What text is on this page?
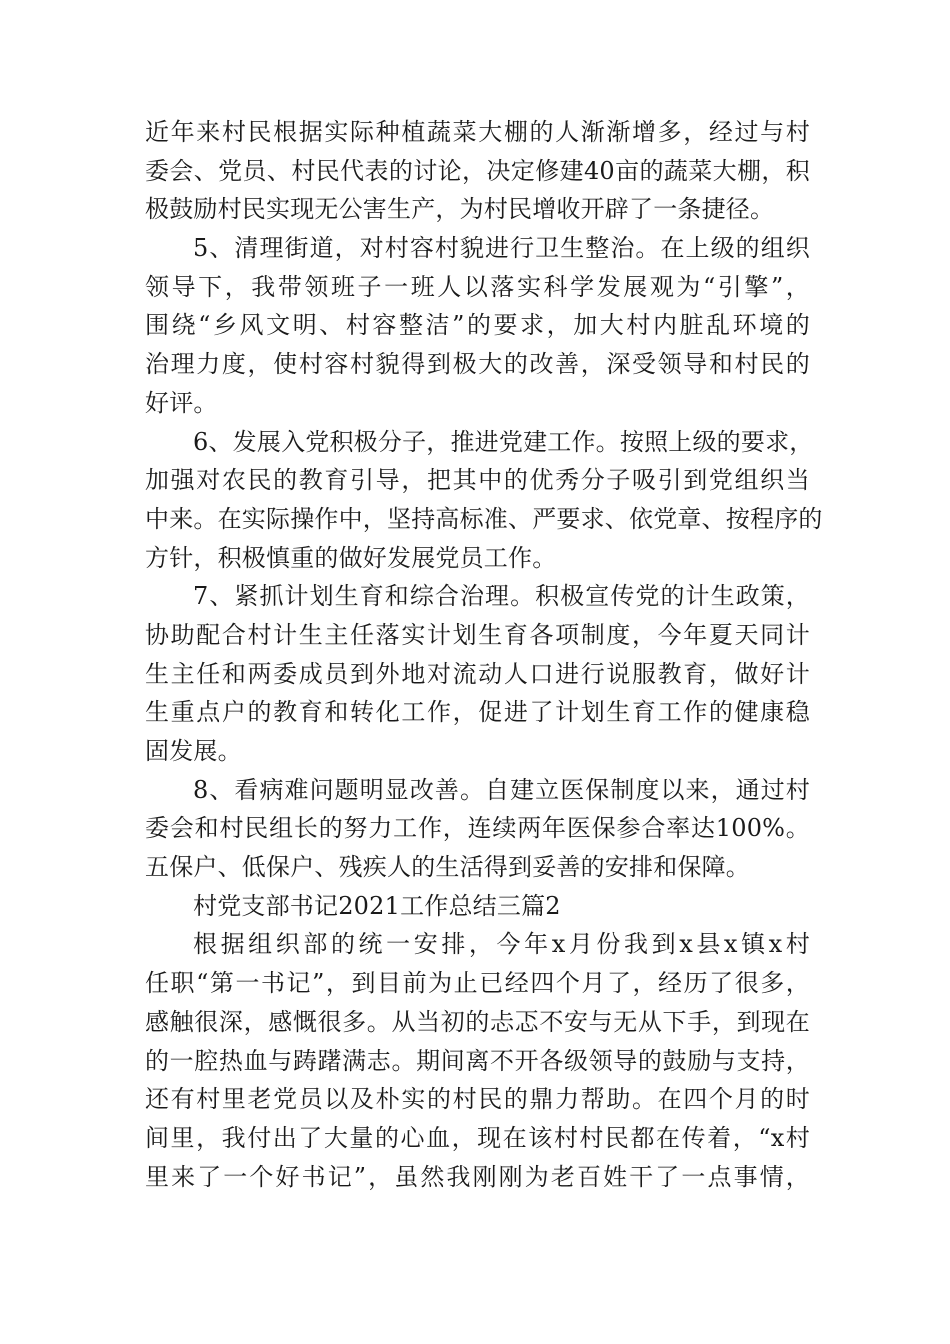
近年来村民根据实际种植蔬菜大棚的人渐渐增多，经过与村
委会、党员、村民代表的讨论，决定修建40亩的蔬菜大棚，积
极鼓励村民实现无公害生产，为村民增收开辟了一条捷径。
5、清理街道，对村容村貌进行卫生整治。在上级的组织
领导下，我带领班子一班人以落实科学发展观为“引擎”，
围绕“乡风文明、村容整洁”的要求，加大村内脏乱环境的
治理力度，使村容村貌得到极大的改善，深受领导和村民的
好评。
6、发展入党积极分子，推进党建工作。按照上级的要求，
加强对农民的教育引导，把其中的优秀分子吸引到党组织当
中来。在实际操作中，坚持高标准、严要求、依党章、按程序的
方针，积极慎重的做好发展党员工作。
7、紧抓计划生育和综合治理。积极宣传党的计生政策，
协助配合村计生主任落实计划生育各项制度，今年夏天同计
生主任和两委成员到外地对流动人口进行说服教育，做好计
生重点户的教育和转化工作，促进了计划生育工作的健康稳
固发展。
8、看病难问题明显改善。自建立医保制度以来，通过村
委会和村民组长的努力工作，连续两年医保参合率达100%。
五保户、低保户、残疾人的生活得到妥善的安排和保障。
村党支部书记2021工作总结三篇2
根据组织部的统一安排，今年x月份我到x县x镇x村
任职“第一书记”，到目前为止已经四个月了，经历了很多，
感触很深，感慨很多。从当初的忐忑不安与无从下手，到现在
的一腔热血与踌躇满志。期间离不开各级领导的鼓励与支持，
还有村里老党员以及朴实的村民的鼎力帮助。在四个月的时
间里，我付出了大量的心血，现在该村村民都在传着，“x村
里来了一个好书记”，虽然我刚刚为老百姓干了一点事情，
